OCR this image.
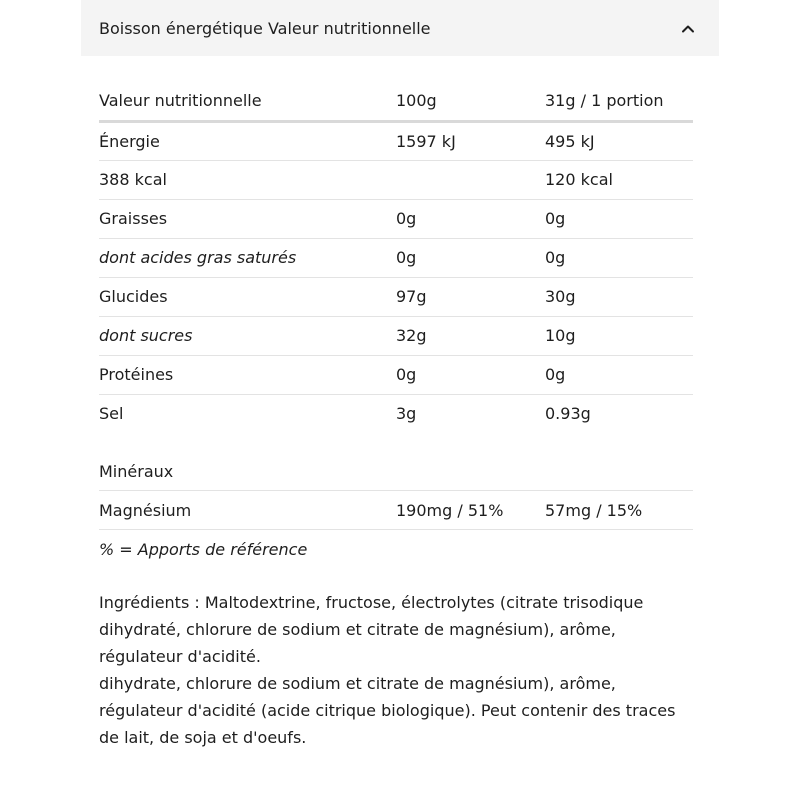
Boisson énergétique Valeur nutritionnelle
Valeur nutritionnelle	100g	31g / 1 portion
Énergie	1597 kJ	495 kJ
388 kcal		120 kcal
Graisses	0g	0g
dont acides gras saturés	0g	0g
Glucides	97g	30g
dont sucres	32g	10g
Protéines	0g	0g
Sel	3g	0.93g
Minéraux
Magnésium	190mg / 51%	57mg / 15%
% = Apports de référence

Ingrédients : Maltodextrine, fructose, électrolytes (citrate trisodique dihydraté, chlorure de sodium et citrate de magnésium), arôme, régulateur d'acidité.

dihydrate, chlorure de sodium et citrate de magnésium), arôme, régulateur d'acidité (acide citrique biologique). Peut contenir des traces de lait, de soja et d'oeufs.
